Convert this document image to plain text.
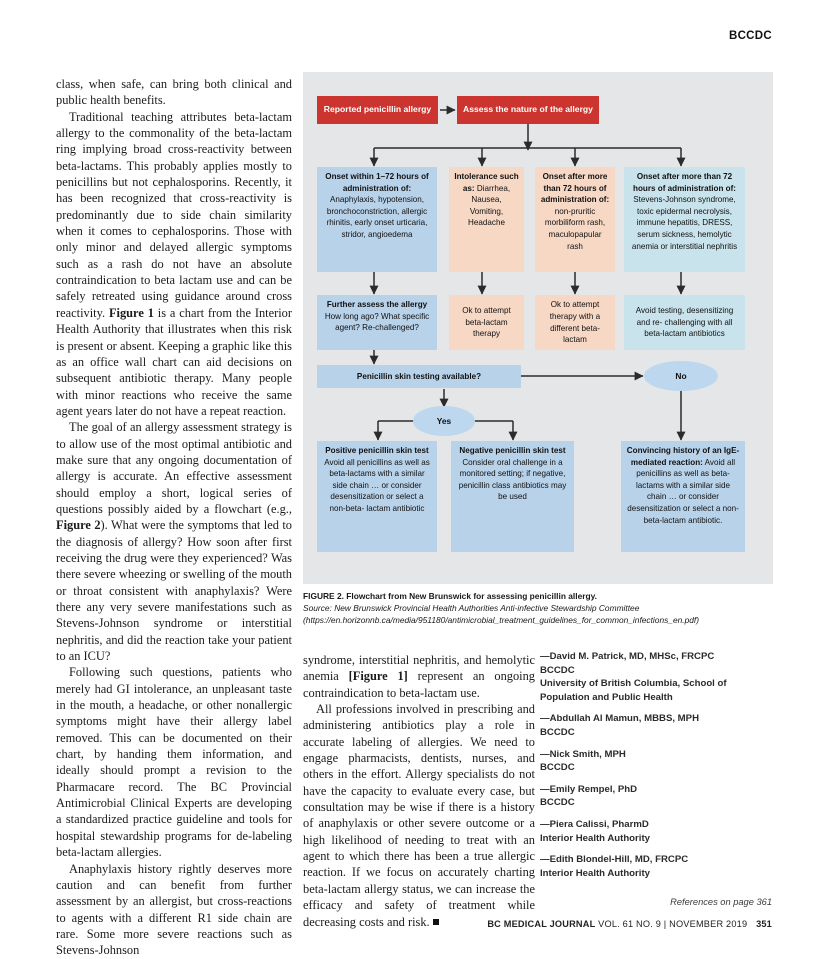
BCCDC

class, when safe, can bring both clinical and public health benefits.

Traditional teaching attributes beta-lactam allergy to the commonality of the beta-lactam ring implying broad cross-reactivity between beta-lactams. This probably applies mostly to penicillins but not cephalosporins. Recently, it has been recognized that cross-reactivity is predominantly due to side chain similarity when it comes to cephalosporins. Those with only minor and delayed allergic symptoms such as a rash do not have an absolute contraindication to beta lactam use and can be safely retreated using guidance around cross reactivity. Figure 1 is a chart from the Interior Health Authority that illustrates when this risk is present or absent. Keeping a graphic like this as an office wall chart can aid decisions on subsequent antibiotic therapy. Many people with minor reactions who receive the same agent years later do not have a repeat reaction.

The goal of an allergy assessment strategy is to allow use of the most optimal antibiotic and make sure that any ongoing documentation of allergy is accurate. An effective assessment should employ a short, logical series of questions possibly aided by a flowchart (e.g., Figure 2). What were the symptoms that led to the diagnosis of allergy? How soon after first receiving the drug were they experienced? Was there severe wheezing or swelling of the mouth or throat consistent with anaphylaxis? Were there any very severe manifestations such as Stevens-Johnson syndrome or interstitial nephritis, and did the reaction take your patient to an ICU?

Following such questions, patients who merely had GI intolerance, an unpleasant taste in the mouth, a headache, or other nonallergic symptoms might have their allergy label removed. This can be documented on their chart, by handing them information, and ideally should prompt a revision to the Pharmacare record. The BC Provincial Antimicrobial Clinical Experts are developing a standardized practice guideline and tools for hospital stewardship programs for de-labeling beta-lactam allergies.

Anaphylaxis history rightly deserves more caution and can benefit from further assessment by an allergist, but cross-reactions to agents with a different R1 side chain are rare. Some more severe reactions such as Stevens-Johnson

Reported penicillin allergy	Assess the nature of the allergy
Onset within 1–72 hours of administration of: Anaphylaxis, hypotension, bronchoconstriction, allergic rhinitis, early onset urticaria, stridor, angioedema
Intolerance such as: Diarrhea, Nausea, Vomiting, Headache
Onset after more than 72 hours of administration of: non-pruritic morbiliform rash, maculopapular rash
Onset after more than 72 hours of administration of: Stevens-Johnson syndrome, toxic epidermal necrolysis, immune hepatitis, DRESS, serum sickness, hemolytic anemia or interstitial nephritis
Further assess the allergy How long ago? What specific agent? Re-challenged?
Ok to attempt beta-lactam therapy
Ok to attempt therapy with a different beta-lactam
Avoid testing, desensitizing and re- challenging with all beta-lactam antibiotics
Penicillin skin testing available?	No
Yes
Positive penicillin skin test Avoid all penicillins as well as beta-lactams with a similar side chain … or consider desensitization or select a non-beta- lactam antibiotic
Negative penicillin skin test Consider oral challenge in a monitored setting; if negative, penicillin class antibiotics may be used
Convincing history of an IgE-mediated reaction: Avoid all penicillins as well as beta-lactams with a similar side chain … or consider desensitization or select a non-beta-lactam antibiotic.
FIGURE 2. Flowchart from New Brunswick for assessing penicillin allergy.
Source: New Brunswick Provincial Health Authorities Anti-infective Stewardship Committee (https://en.horizonnb.ca/media/951180/antimicrobial_treatment_guidelines_for_common_infections_en.pdf)

syndrome, interstitial nephritis, and hemolytic anemia [Figure 1] represent an ongoing contraindication to beta-lactam use.

All professions involved in prescribing and administering antibiotics play a role in accurate labeling of allergies. We need to engage pharmacists, dentists, nurses, and others in the effort. Allergy specialists do not have the capacity to evaluate every case, but consultation may be wise if there is a history of anaphylaxis or other severe outcome or a high likelihood of needing to treat with an agent to which there has been a true allergic reaction. If we focus on accurately charting beta-lactam allergy status, we can increase the efficacy and safety of treatment while decreasing costs and risk.

—David M. Patrick, MD, MHSc, FRCPC
BCCDC
University of British Columbia, School of Population and Public Health
—Abdullah Al Mamun, MBBS, MPH
BCCDC
—Nick Smith, MPH
BCCDC
—Emily Rempel, PhD
BCCDC
—Piera Calissi, PharmD
Interior Health Authority
—Edith Blondel-Hill, MD, FRCPC
Interior Health Authority
References on page 361
BC MEDICAL JOURNAL VOL. 61 NO. 9 | NOVEMBER 2019 351
